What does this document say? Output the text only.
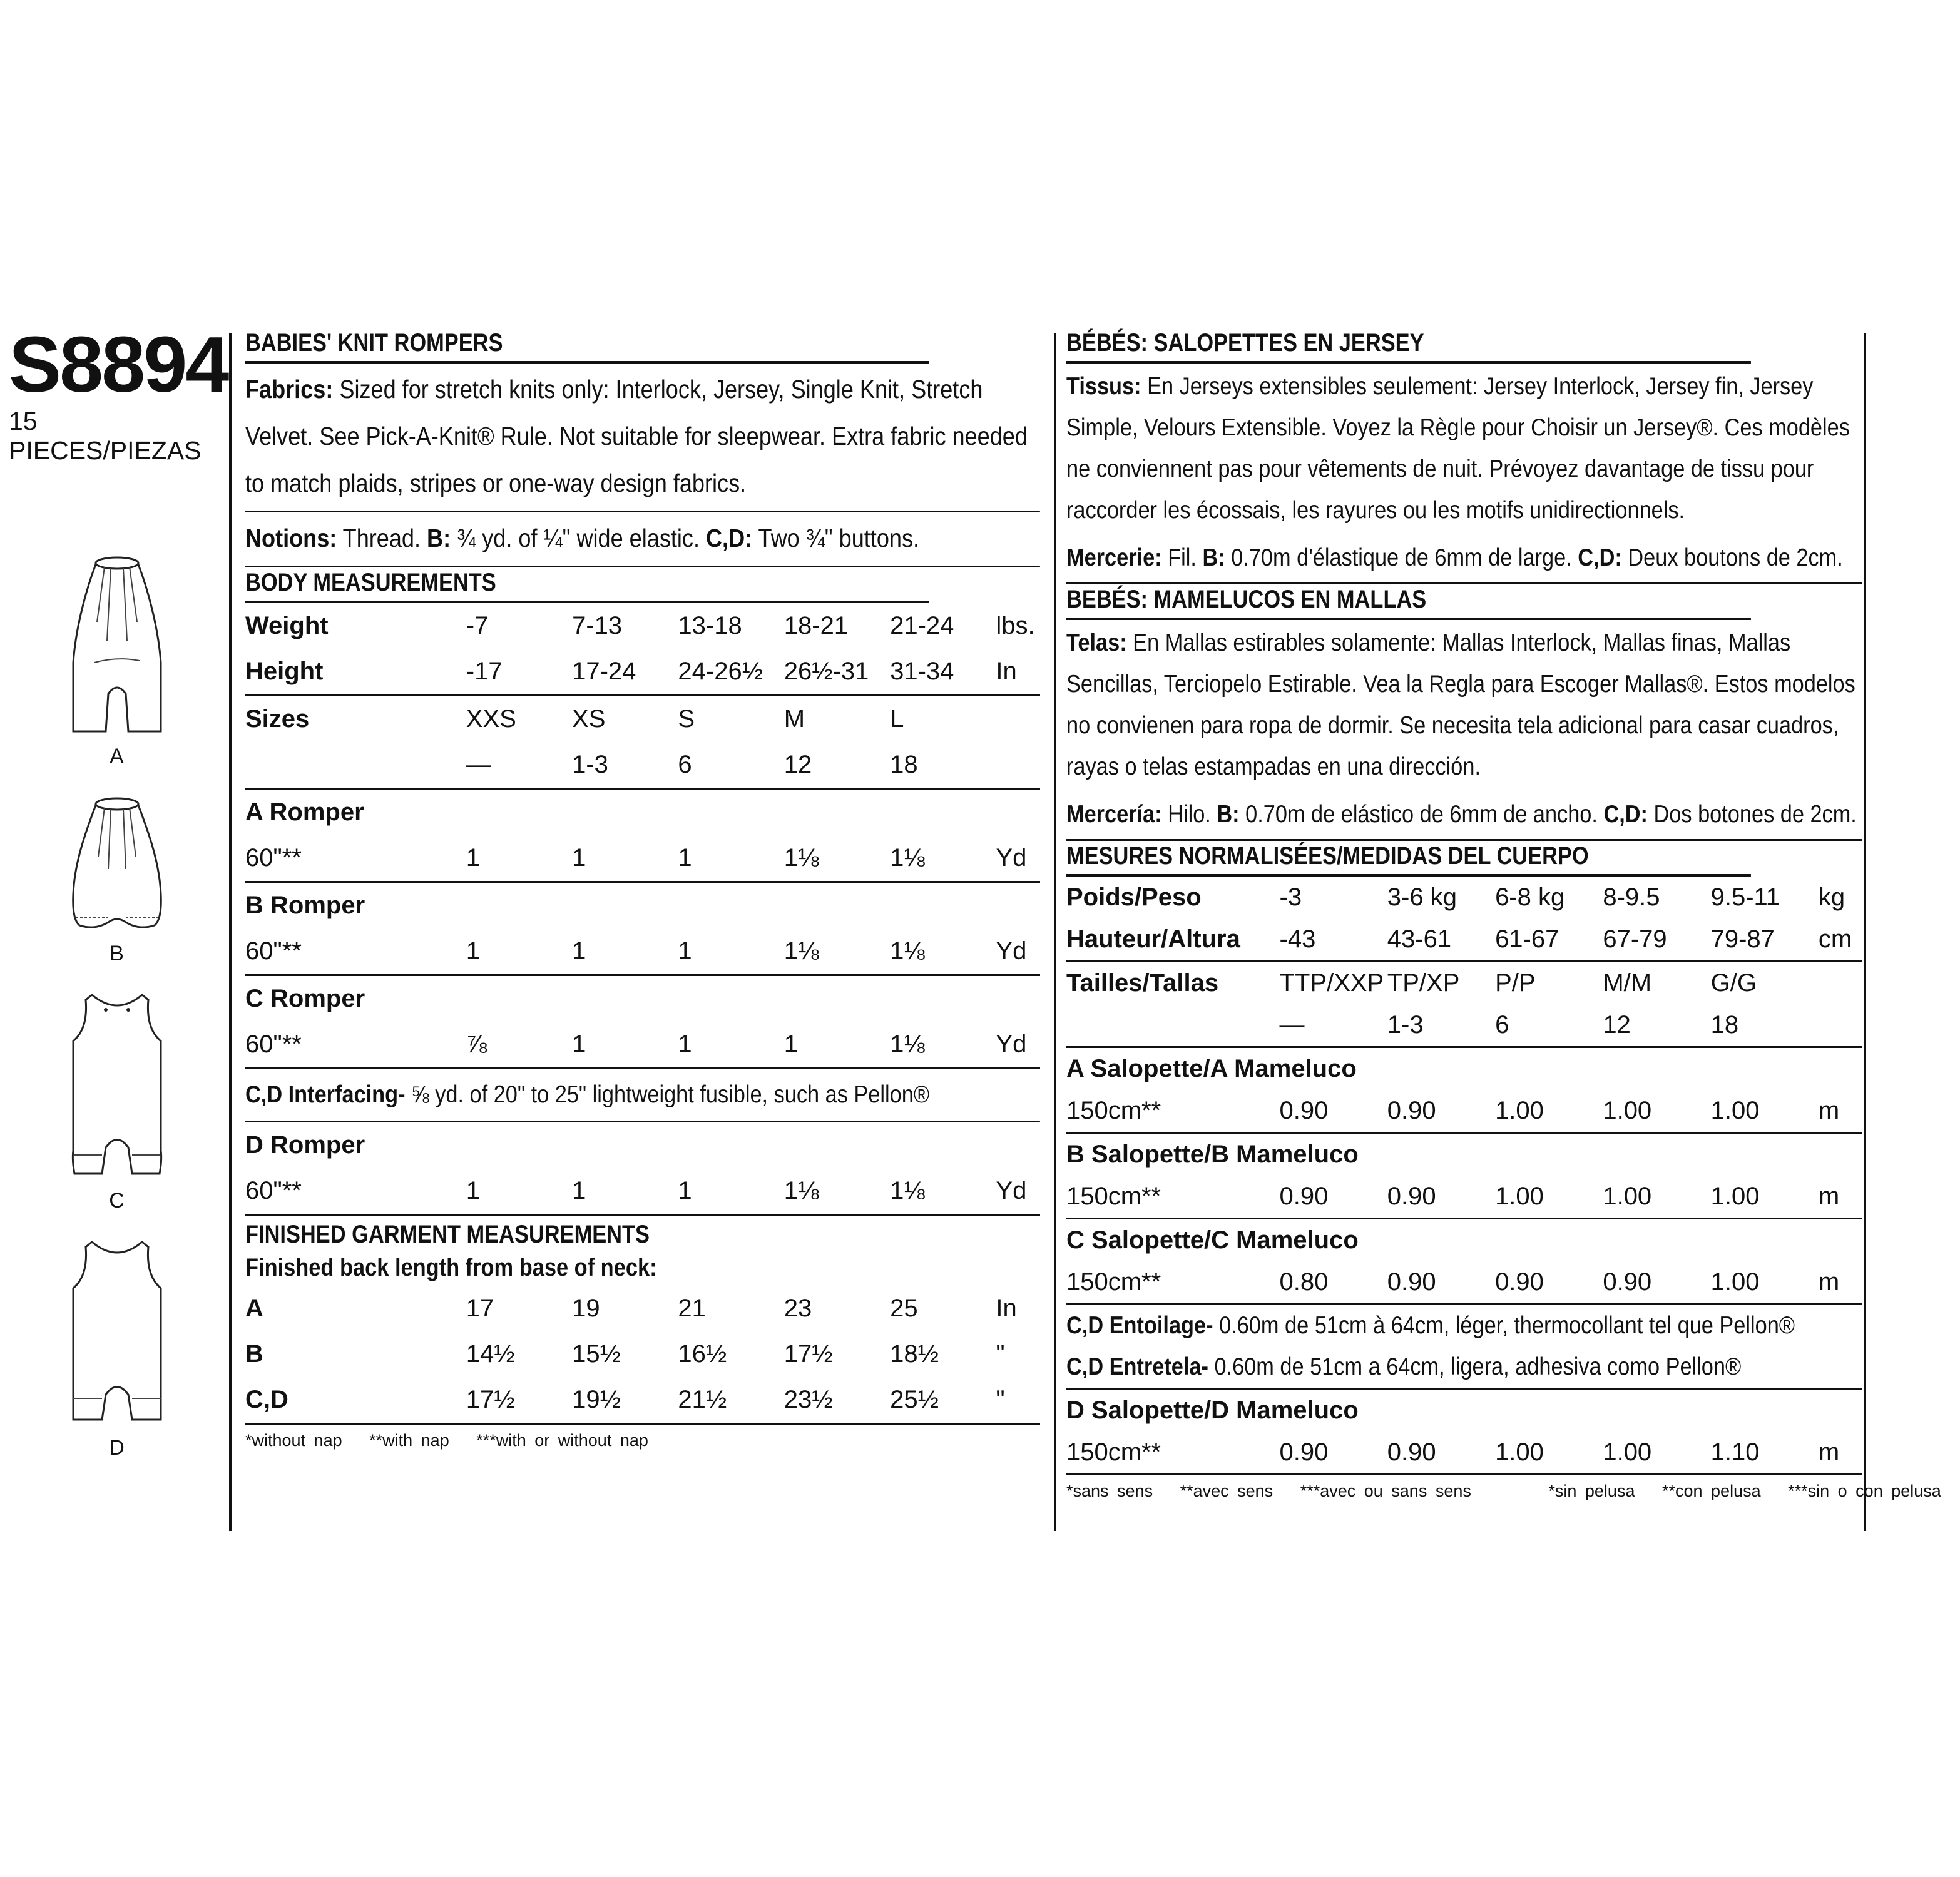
S8894
15 PIECES/PIEZAS
A
B
C
D
BABIES' KNIT ROMPERS
Fabrics: Sized for stretch knits only: Interlock, Jersey, Single Knit, Stretch Velvet. See Pick-A-Knit® Rule. Not suitable for sleepwear. Extra fabric needed to match plaids, stripes or one-way design fabrics.
Notions: Thread. B: ¾ yd. of ¼" wide elastic. C,D: Two ¾" buttons.
BODY MEASUREMENTS
Weight	-7	7-13	13-18	18-21	21-24	lbs.
Height	-17	17-24	24-26½	26½-31	31-34	In
Sizes	XXS	XS	S	M	L	
	—	1-3	6	12	18	
A Romper						
60"**	1	1	1	1⅛	1⅛	Yd
B Romper						
60"**	1	1	1	1⅛	1⅛	Yd
C Romper						
60"**	⅞	1	1	1	1⅛	Yd
C,D Interfacing- ⅝ yd. of 20" to 25" lightweight fusible, such as Pellon®
D Romper
60"**	1	1	1	1⅛	1⅛	Yd
FINISHED GARMENT MEASUREMENTS
Finished back length from base of neck:
A	17	19	21	23	25	In
B	14½	15½	16½	17½	18½	"
C,D	17½	19½	21½	23½	25½	"
*without nap **with nap ***with or without nap
BÉBÉS: SALOPETTES EN JERSEY
Tissus: En Jerseys extensibles seulement: Jersey Interlock, Jersey fin, Jersey Simple, Velours Extensible. Voyez la Règle pour Choisir un Jersey®. Ces modèles ne conviennent pas pour vêtements de nuit. Prévoyez davantage de tissu pour raccorder les écossais, les rayures ou les motifs unidirectionnels.
Mercerie: Fil. B: 0.70m d'élastique de 6mm de large. C,D: Deux boutons de 2cm.
BEBÉS: MAMELUCOS EN MALLAS
Telas: En Mallas estirables solamente: Mallas Interlock, Mallas finas, Mallas Sencillas, Terciopelo Estirable. Vea la Regla para Escoger Mallas®. Estos modelos no convienen para ropa de dormir. Se necesita tela adicional para casar cuadros, rayas o telas estampadas en una dirección.
Mercería: Hilo. B: 0.70m de elástico de 6mm de ancho. C,D: Dos botones de 2cm.
MESURES NORMALISÉES/MEDIDAS DEL CUERPO
Poids/Peso	-3	3-6 kg	6-8 kg	8-9.5	9.5-11	kg
Hauteur/Altura	-43	43-61	61-67	67-79	79-87	cm
Tailles/Tallas	TTP/XXP	TP/XP	P/P	M/M	G/G	
	—	1-3	6	12	18	
A Salopette/A Mameluco						
150cm**	0.90	0.90	1.00	1.00	1.00	m
B Salopette/B Mameluco						
150cm**	0.90	0.90	1.00	1.00	1.00	m
C Salopette/C Mameluco						
150cm**	0.80	0.90	0.90	0.90	1.00	m
C,D Entoilage- 0.60m de 51cm à 64cm, léger, thermocollant tel que Pellon®
C,D Entretela- 0.60m de 51cm a 64cm, ligera, adhesiva como Pellon®
D Salopette/D Mameluco
150cm**	0.90	0.90	1.00	1.00	1.10	m
*sans sens **avec sens ***avec ou sans sens	*sin pelusa **con pelusa ***sin o con pelusa
